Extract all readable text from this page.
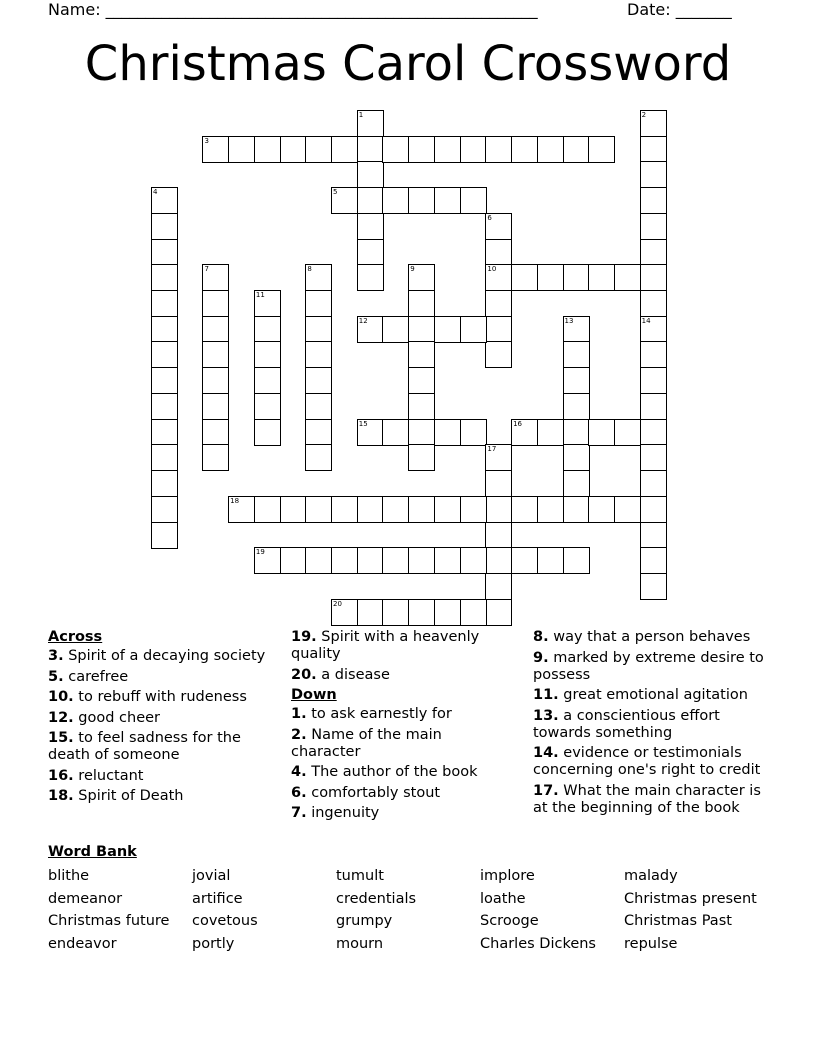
Name: ______________________________________________________	Date: _______
Christmas Carol Crossword
1	2
14
3
4	5
6
10
7	8	9
11
12	13
15	16
17
18
19
20
Across
3. Spirit of a decaying society
5. carefree
10. to rebuff with rudeness
12. good cheer
15. to feel sadness for the death of someone
16. reluctant
18. Spirit of Death
19. Spirit with a heavenly quality
20. a disease
Down
1. to ask earnestly for
2. Name of the main character
4. The author of the book
6. comfortably stout
7. ingenuity
8. way that a person behaves
9. marked by extreme desire to possess
11. great emotional agitation
13. a conscientious effort towards something
14. evidence or testimonials concerning one's right to credit
17. What the main character is at the beginning of the book
Word Bank
blithe	jovial	tumult	implore	malady
demeanor	artifice	credentials	loathe	Christmas present
Christmas future	covetous	grumpy	Scrooge	Christmas Past
endeavor	portly	mourn	Charles Dickens	repulse
